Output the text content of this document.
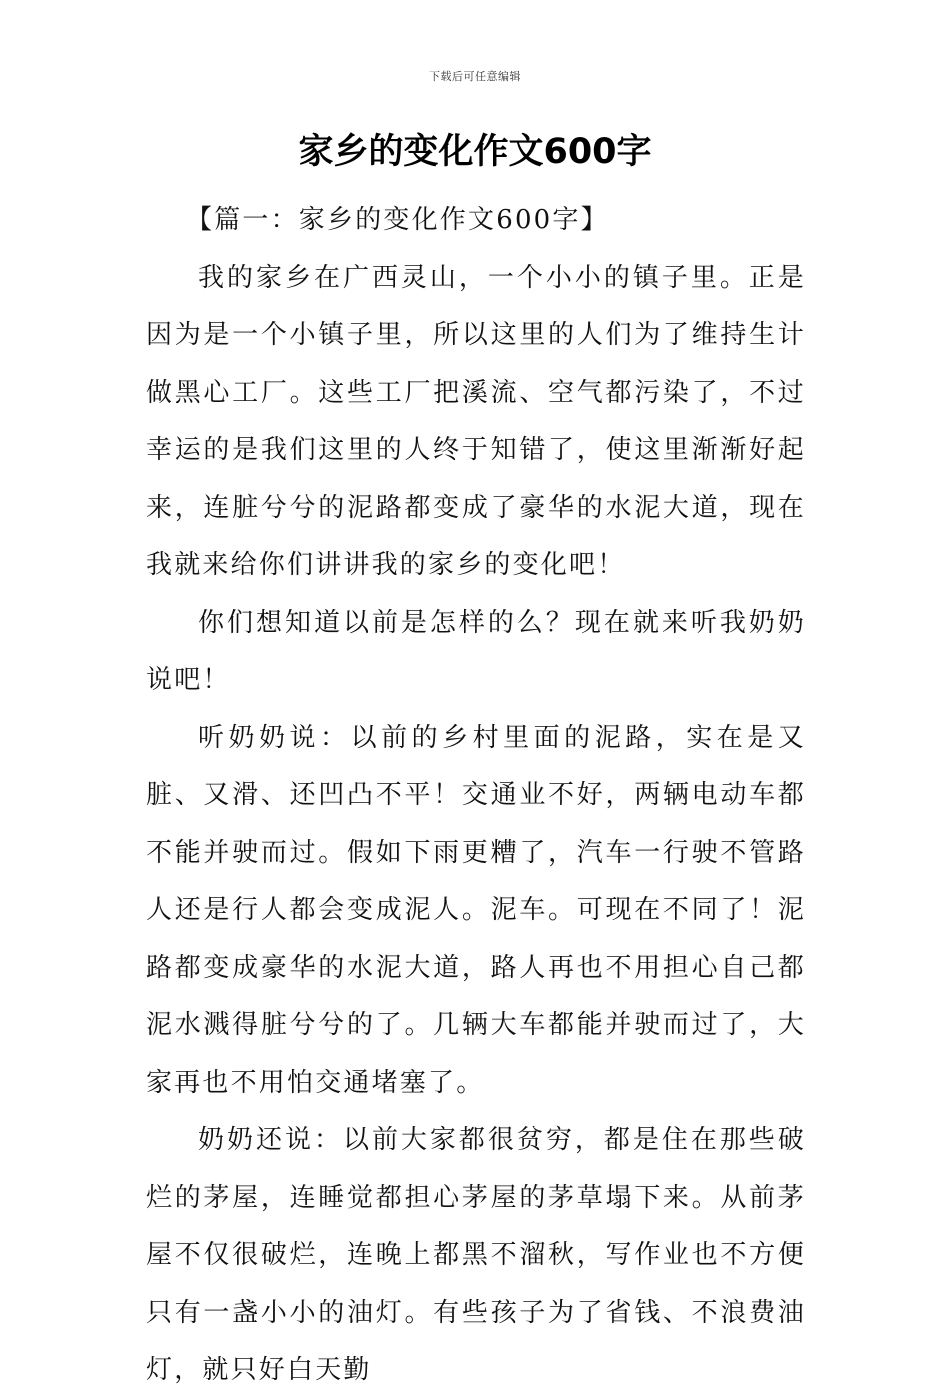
下载后可任意编辑
家乡的变化作文600字

【篇一：家乡的变化作文600字】

我的家乡在广西灵山，一个小小的镇子里。正是因为是一个小镇子里，所以这里的人们为了维持生计做黑心工厂。这些工厂把溪流、空气都污染了，不过幸运的是我们这里的人终于知错了，使这里渐渐好起来，连脏兮兮的泥路都变成了豪华的水泥大道，现在我就来给你们讲讲我的家乡的变化吧！

你们想知道以前是怎样的么？现在就来听我奶奶说吧！

听奶奶说：以前的乡村里面的泥路，实在是又脏、又滑、还凹凸不平！交通业不好，两辆电动车都不能并驶而过。假如下雨更糟了，汽车一行驶不管路人还是行人都会变成泥人。泥车。可现在不同了！泥路都变成豪华的水泥大道，路人再也不用担心自己都泥水溅得脏兮兮的了。几辆大车都能并驶而过了，大家再也不用怕交通堵塞了。

奶奶还说：以前大家都很贫穷，都是住在那些破烂的茅屋，连睡觉都担心茅屋的茅草塌下来。从前茅屋不仅很破烂，连晚上都黑不溜秋，写作业也不方便只有一盏小小的油灯。有些孩子为了省钱、不浪费油灯，就只好白天勤
